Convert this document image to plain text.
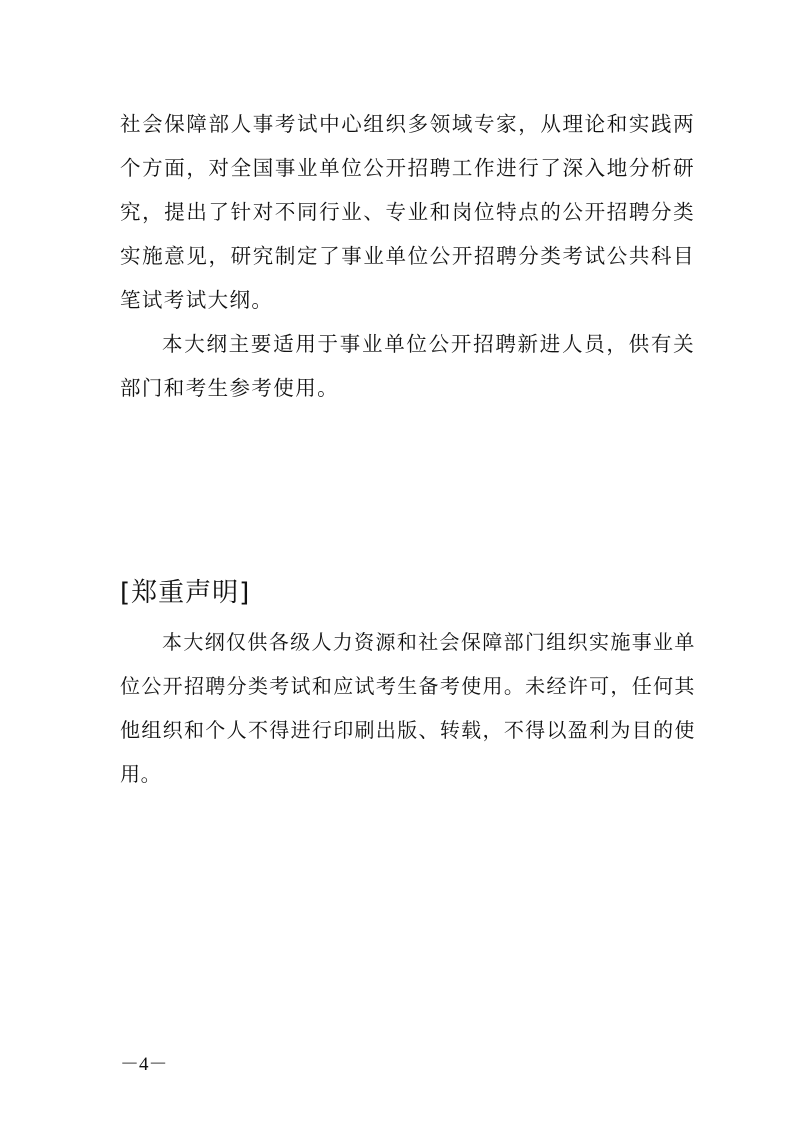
社会保障部人事考试中心组织多领域专家，从理论和实践两个方面，对全国事业单位公开招聘工作进行了深入地分析研究，提出了针对不同行业、专业和岗位特点的公开招聘分类实施意见，研究制定了事业单位公开招聘分类考试公共科目笔试考试大纲。

本大纲主要适用于事业单位公开招聘新进人员，供有关部门和考生参考使用。

[郑重声明]

本大纲仅供各级人力资源和社会保障部门组织实施事业单位公开招聘分类考试和应试考生备考使用。未经许可，任何其他组织和个人不得进行印刷出版、转载，不得以盈利为目的使用。

－4－
